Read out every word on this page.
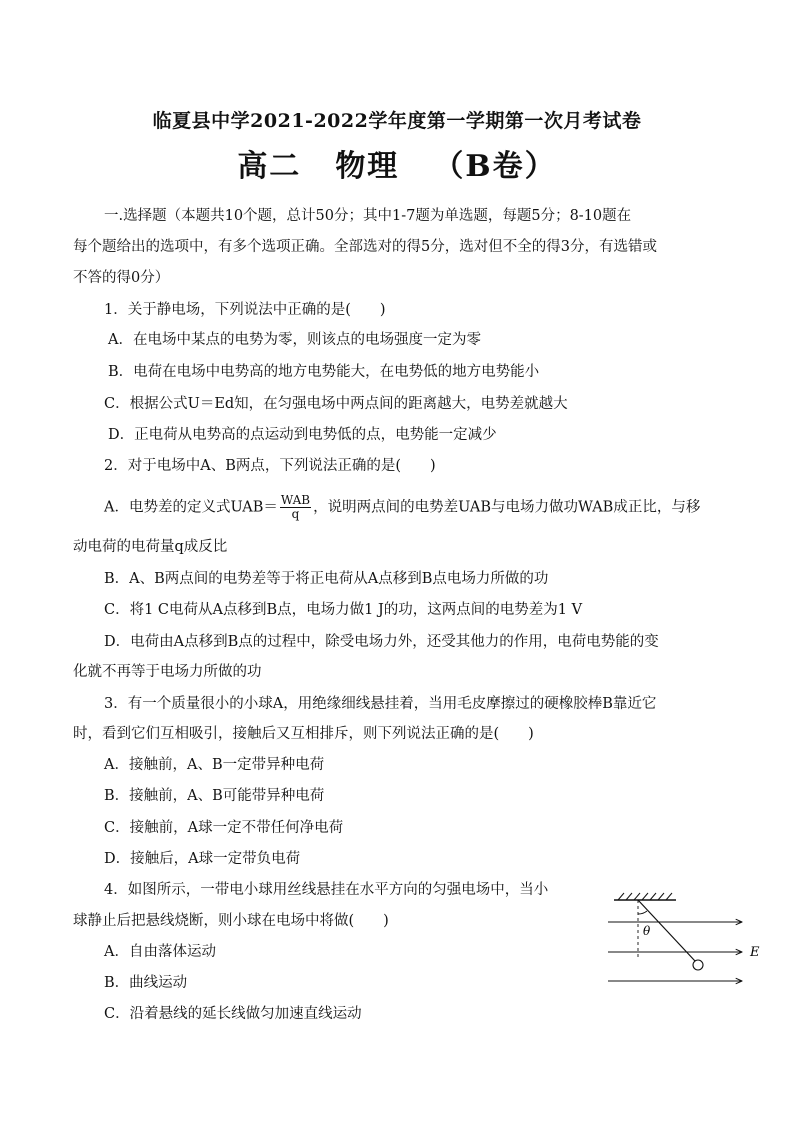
临夏县中学2021-2022学年度第一学期第一次月考试卷
高二 物理 （B卷）
一.选择题（本题共10个题，总计50分；其中1-7题为单选题，每题5分；8-10题在
每个题给出的选项中，有多个选项正确。全部选对的得5分，选对但不全的得3分，有选错或
不答的得0分）
1．关于静电场，下列说法中正确的是(　　)
A．在电场中某点的电势为零，则该点的电场强度一定为零
B．电荷在电场中电势高的地方电势能大，在电势低的地方电势能小
C．根据公式U＝Ed知，在匀强电场中两点间的距离越大，电势差就越大
D．正电荷从电势高的点运动到电势低的点，电势能一定减少
2．对于电场中A、B两点，下列说法正确的是(　　)
A．电势差的定义式$UAB= \frac{\text{WAB}}{q}$ ，说明两点间的电势差UAB与电场力做功WAB成正比，与移
动电荷的电荷量q成反比
B．A、B两点间的电势差等于将正电荷从A点移到B点电场力所做的功
C．将1 C电荷从A点移到B点，电场力做1 J的功，这两点间的电势差为1 V
D．电荷由A点移到B点的过程中，除受电场力外，还受其他力的作用，电荷电势能的变
化就不再等于电场力所做的功
3．有一个质量很小的小球A，用绝缘细线悬挂着，当用毛皮摩擦过的硬橡胶棒B靠近它
时，看到它们互相吸引，接触后又互相排斥，则下列说法正确的是(　　)
A．接触前，A、B一定带异种电荷
B．接触前，A、B可能带异种电荷
C．接触前，A球一定不带任何净电荷
D．接触后，A球一定带负电荷
4．如图所示，一带电小球用丝线悬挂在水平方向的匀强电场中，当小
球静止后把悬线烧断，则小球在电场中将做(　　)
A．自由落体运动
B．曲线运动
C．沿着悬线的延长线做匀加速直线运动
θ
E
